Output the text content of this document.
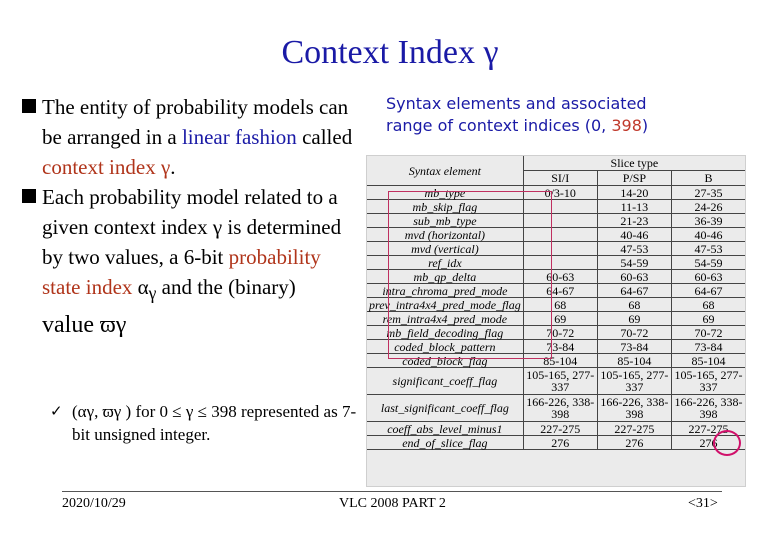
Context Index γ
The entity of probability models can be arranged in a linear fashion called context index γ.
Each probability model related to a given context index γ is determined by two values, a 6-bit probability state index $\alpha_\gamma$ and the (binary)
value ϖγ
✓ (αγ, ϖγ ) for 0 ≤ γ ≤ 398 represented as 7-bit unsigned integer.
Syntax elements and associated
range of context indices (0, 398)
Syntax element	Slice type		
	SI/I	P/SP	B
mb_type	0/3-10	14-20	27-35
mb_skip_flag		11-13	24-26
sub_mb_type		21-23	36-39
mvd (horizontal)		40-46	40-46
mvd (vertical)		47-53	47-53
ref_idx		54-59	54-59
mb_qp_delta	60-63	60-63	60-63
intra_chroma_pred_mode	64-67	64-67	64-67
prev_intra4x4_pred_mode_flag	68	68	68
rem_intra4x4_pred_mode	69	69	69
mb_field_decoding_flag	70-72	70-72	70-72
coded_block_pattern	73-84	73-84	73-84
coded_block_flag	85-104	85-104	85-104
significant_coeff_flag	105-165, 277-337	105-165, 277-337	105-165, 277-337
last_significant_coeff_flag	166-226, 338-398	166-226, 338-398	166-226, 338-398
coeff_abs_level_minus1	227-275	227-275	227-275
end_of_slice_flag	276	276	276
2020/10/29	VLC 2008 PART 2	<31>
